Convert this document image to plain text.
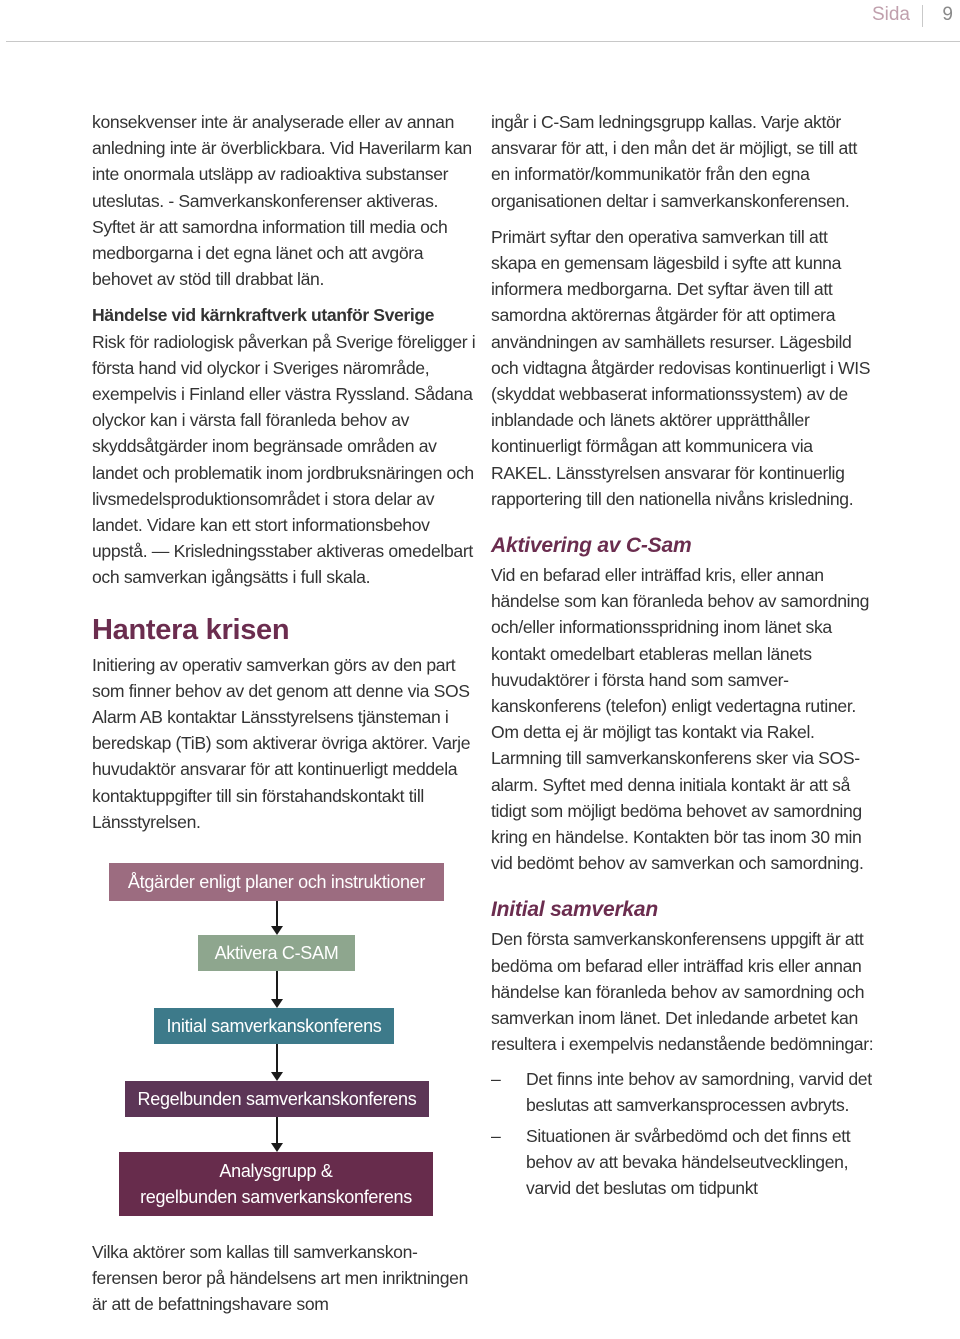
Sida 9

konsekvenser inte är analyserade eller av annan anledning inte är överblickbara. Vid Haverilarm kan inte onormala utsläpp av radioaktiva substanser uteslutas. - Samverkanskonferenser aktiveras. Syftet är att samordna information till media och medborgarna i det egna länet och att avgöra behovet av stöd till drabbat län.

Händelse vid kärnkraftverk utanför Sverige

Risk för radiologisk påverkan på Sverige föreligger i första hand vid olyckor i Sveriges närområde, exempelvis i Finland eller västra Ryssland. Sådana olyckor kan i värsta fall föranleda behov av skyddsåtgärder inom begränsade områden av landet och problematik inom jordbruksnäringen och livsmedelsproduktionsområdet i stora delar av landet. Vidare kan ett stort informationsbehov uppstå. — Krisledningsstaber aktiveras omedelbart och samverkan igångsätts i full skala.

Hantera krisen

Initiering av operativ samverkan görs av den part som finner behov av det genom att denne via SOS Alarm AB kontaktar Länsstyrelsens tjänsteman i beredskap (TiB) som aktiverar övriga aktörer. Varje huvudaktör ansvarar för att kontinuerligt meddela kontaktuppgifter till sin förstahandskontakt till Länsstyrelsen.

Åtgärder enligt planer och instruktioner
Aktivera C-SAM
Initial samverkanskonferens
Regelbunden samverkanskonferens
Analysgrupp &
regelbunden samverkanskonferens

Vilka aktörer som kallas till samverkanskonferensen beror på händelsens art men inriktningen är att de befattningshavare som

ingår i C-Sam ledningsgrupp kallas. Varje aktör ansvarar för att, i den mån det är möjligt, se till att en informatör/kommunikatör från den egna organisationen deltar i samverkanskonferensen.

Primärt syftar den operativa samverkan till att skapa en gemensam lägesbild i syfte att kunna informera medborgarna. Det syftar även till att samordna aktörernas åtgärder för att optimera användningen av samhällets resurser. Lägesbild och vidtagna åtgärder redovisas kontinuerligt i WIS (skyddat webbaserat informationssystem) av de inblandade och länets aktörer upprätthåller kontinuerligt förmågan att kommunicera via RAKEL. Länsstyrelsen ansvarar för kontinuerlig rapportering till den nationella nivåns krisledning.

Aktivering av C-Sam

Vid en befarad eller inträffad kris, eller annan händelse som kan föranleda behov av samordning och/eller informationsspridning inom länet ska kontakt omedelbart etableras mellan länets huvudaktörer i första hand som samverkanskonferens (telefon) enligt vedertagna rutiner. Om detta ej är möjligt tas kontakt via Rakel. Larmning till samverkanskonferens sker via SOS-alarm. Syftet med denna initiala kontakt är att så tidigt som möjligt bedöma behovet av samordning kring en händelse. Kontakten bör tas inom 30 min vid bedömt behov av samverkan och samordning.

Initial samverkan

Den första samverkanskonferensens uppgift är att bedöma om befarad eller inträffad kris eller annan händelse kan föranleda behov av samordning och samverkan inom länet. Det inledande arbetet kan resultera i exempelvis nedanstående bedömningar:

– Det finns inte behov av samordning, varvid det beslutas att samverkansprocessen avbryts.
– Situationen är svårbedömd och det finns ett behov av att bevaka händelseutvecklingen, varvid det beslutas om tidpunkt
